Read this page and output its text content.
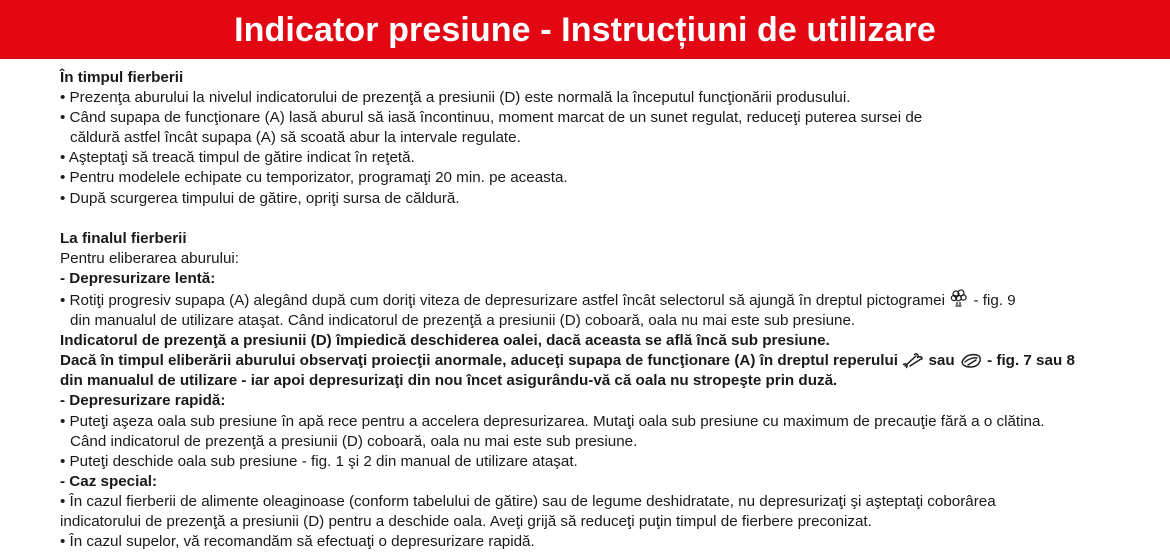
Indicator presiune - Instrucțiuni de utilizare
În timpul fierberii
• Prezenţa aburului la nivelul indicatorului de prezenţă a presiunii (D) este normală la începutul funcţionării produsului.
• Când supapa de funcţionare (A) lasă aburul să iasă încontinuu, moment marcat de un sunet regulat, reduceţi puterea sursei de
căldură astfel încât supapa (A) să scoată abur la intervale regulate.
• Aşteptaţi să treacă timpul de gătire indicat în reţetă.
• Pentru modelele echipate cu temporizator, programaţi 20 min. pe aceasta.
• După scurgerea timpului de gătire, opriţi sursa de căldură.
La finalul fierberii
Pentru eliberarea aburului:
- Depresurizare lentă:
• Rotiţi progresiv supapa (A) alegând după cum doriţi viteza de depresurizare astfel încât selectorul să ajungă în dreptul pictogramei - fig. 9
din manualul de utilizare ataşat. Când indicatorul de prezenţă a presiunii (D) coboară, oala nu mai este sub presiune.
Indicatorul de prezenţă a presiunii (D) împiedică deschiderea oalei, dacă aceasta se află încă sub presiune.
Dacă în timpul eliberării aburului observaţi proiecţii anormale, aduceţi supapa de funcţionare (A) în dreptul reperului sau - fig. 7 sau 8
din manualul de utilizare - iar apoi depresurizaţi din nou încet asigurându-vă că oala nu stropeşte prin duză.
- Depresurizare rapidă:
• Puteţi aşeza oala sub presiune în apă rece pentru a accelera depresurizarea. Mutaţi oala sub presiune cu maximum de precauţie fără a o clătina.
Când indicatorul de prezenţă a presiunii (D) coboară, oala nu mai este sub presiune.
• Puteţi deschide oala sub presiune - fig. 1 şi 2 din manual de utilizare ataşat.
- Caz special:
• În cazul fierberii de alimente oleaginoase (conform tabelului de gătire) sau de legume deshidratate, nu depresurizaţi şi aşteptaţi coborârea
indicatorului de prezenţă a presiunii (D) pentru a deschide oala. Aveţi grijă să reduceţi puţin timpul de fierbere preconizat.
• În cazul supelor, vă recomandăm să efectuaţi o depresurizare rapidă.
